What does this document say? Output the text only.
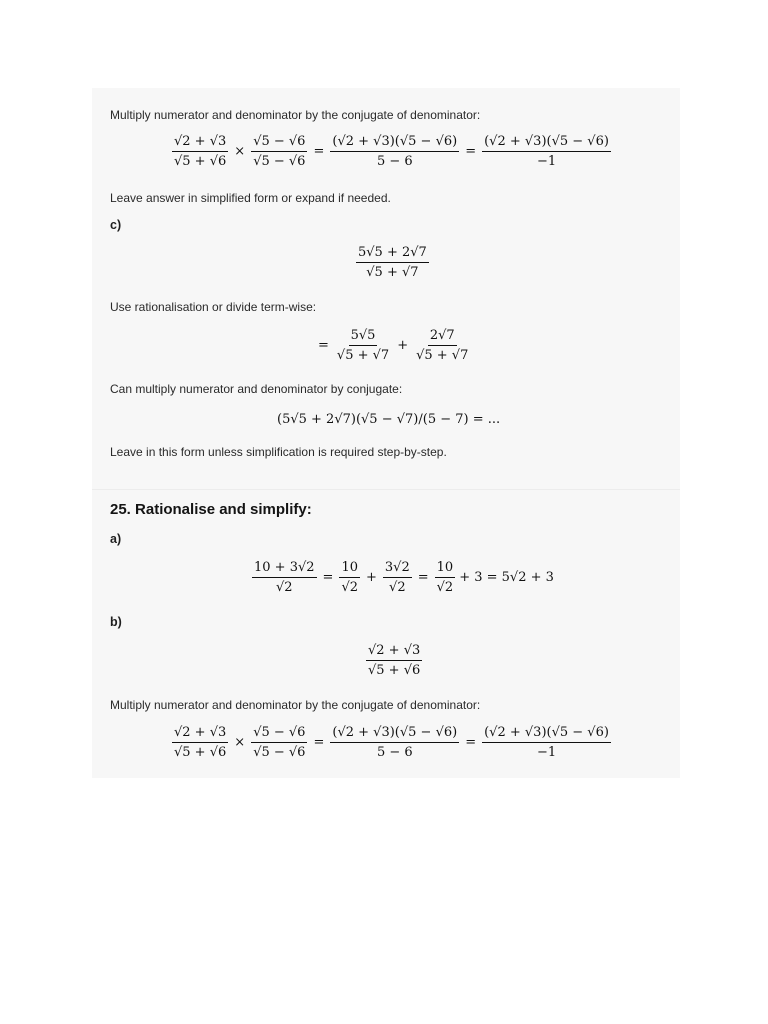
Multiply numerator and denominator by the conjugate of denominator:
$\frac{√2 + √3}{√5 + √6} \times \frac{√5 - √6}{√5 - √6} = \frac{(√2 + √3)(√5 - √6)}{5 - 6} = \frac{(√2 + √3)(√5 - √6)}{-1}$
Leave answer in simplified form or expand if needed.
c)
$\frac{5√5 + 2√7}{√5 + √7}$
Use rationalisation or divide term-wise:
= $\frac{5√5}{√5 + √7} + \frac{2√7}{√5 + √7}$
Can multiply numerator and denominator by conjugate:
(5√5 + 2√7)(√5 − √7)/(5 − 7) = ...
Leave in this form unless simplification is required step-by-step.
25. Rationalise and simplify:
a)
$\frac{10 + 3√2}{√2} = \frac{10}{√2} + \frac{3√2}{√2} = \frac{10}{√2} + 3 = 5√2 + 3$
b)
$\frac{√2 + √3}{√5 + √6}$
Multiply numerator and denominator by the conjugate of denominator:
$\frac{√2 + √3}{√5 + √6} \times \frac{√5 - √6}{√5 - √6} = \frac{(√2 + √3)(√5 - √6)}{5 - 6} = \frac{(√2 + √3)(√5 - √6)}{-1}$
